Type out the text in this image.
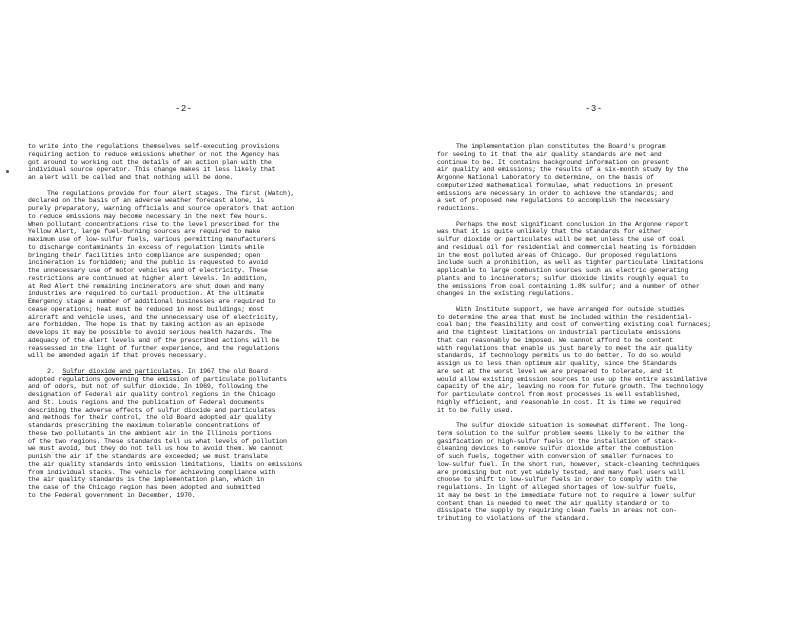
-2-
to write into the regulations themselves self-executing provisions
requiring action to reduce emissions whether or not the Agency has
got around to working out the details of an action plan with the
individual source operator. This change makes it less likely that
an alert will be called and that nothing will be done.
The regulations provide for four alert stages. The first (Watch),
declared on the basis of an adverse weather forecast alone, is
purely preparatory, warning officials and source operators that action
to reduce emissions may become necessary in the next few hours.
When pollutant concentrations rise to the level prescribed for the
Yellow Alert, large fuel-burning sources are required to make
maximum use of low-sulfur fuels, various permitting manufacturers
to discharge contaminants in excess of regulation limits while
bringing their facilities into compliance are suspended; open
incineration is forbidden; and the public is requested to avoid
the unnecessary use of motor vehicles and of electricity. These
restrictions are continued at higher alert levels. In addition,
at Red Alert the remaining incinerators are shut down and many
industries are required to curtail production. At the ultimate
Emergency stage a number of additional businesses are required to
cease operations; heat must be reduced in most buildings; most
aircraft and vehicle uses, and the unnecessary use of electricity,
are forbidden. The hope is that by taking action as an episode
develops it may be possible to avoid serious health hazards. The
adequacy of the alert levels and of the prescribed actions will be
reassessed in the light of further experience, and the regulations
will be amended again if that proves necessary.
2.  Sulfur dioxide and particulates. In 1967 the old Board
adopted regulations governing the emission of particulate pollutants
and of odors, but not of sulfur dioxide. In 1969, following the
designation of Federal air quality control regions in the Chicago
and St. Louis regions and the publication of Federal documents
describing the adverse effects of sulfur dioxide and particulates
and methods for their control, the old Board adopted air quality
standards prescribing the maximum tolerable concentrations of
these two pollutants in the ambient air in the Illinois portions
of the two regions. These standards tell us what levels of pollution
we must avoid, but they do not tell us how to avoid them. We cannot
punish the air if the standards are exceeded; we must translate
the air quality standards into emission limitations, limits on emissions
from individual stacks. The vehicle for achieving compliance with
the air quality standards is the implementation plan, which in
the case of the Chicago region has been adopted and submitted
to the Federal government in December, 1970.
-3-
The implementation plan constitutes the Board's program
for seeing to it that the air quality standards are met and
continue to be. It contains background information on present
air quality and emissions; the results of a six-month study by the
Argonne National Laboratory to determine, on the basis of
computerized mathematical formulae, what reductions in present
emissions are necessary in order to achieve the standards; and
a set of proposed new regulations to accomplish the necessary
reductions.
Perhaps the most significant conclusion in the Argonne report
was that it is quite unlikely that the standards for either
sulfur dioxide or particulates will be met unless the use of coal
and residual oil for residential and commercial heating is forbidden
in the most polluted areas of Chicago. Our proposed regulations
include such a prohibition, as well as tighter particulate limitations
applicable to large combustion sources such as electric generating
plants and to incinerators; sulfur dioxide limits roughly equal to
the emissions from coal containing 1.8% sulfur; and a number of other
changes in the existing regulations.
With Institute support, we have arranged for outside studies
to determine the area that must be included within the residential-
coal ban; the feasibility and cost of converting existing coal furnaces;
and the tightest limitations on industrial particulate emissions
that can reasonably be imposed. We cannot afford to be content
with regulations that enable us just barely to meet the air quality
standards, if technology permits us to do better. To do so would
assign us to less than optimum air quality, since the Standards
are set at the worst level we are prepared to tolerate, and it
would allow existing emission sources to use up the entire assimilative
capacity of the air, leaving no room for future growth. The technology
for particulate control from most processes is well established,
highly efficient, and reasonable in cost. It is time we required
it to be fully used.
The sulfur dioxide situation is somewhat different. The long-
term solution to the sulfur problem seems likely to be either the
gasification or high-sulfur fuels or the installation of stack-
cleaning devices to remove sulfur dioxide after the combustion
of such fuels, together with conversion of smaller furnaces to
low-sulfur fuel. In the short run, however, stack-cleaning techniques
are promising but not yet widely tested, and many fuel users will
choose to shift to low-sulfur fuels in order to comply with the
regulations. In light of alleged shortages of low-sulfur fuels,
it may be best in the immediate future not to require a lower sulfur
content than is needed to meet the air quality standard or to
dissipate the supply by requiring clean fuels in areas not con-
tributing to violations of the standard.
